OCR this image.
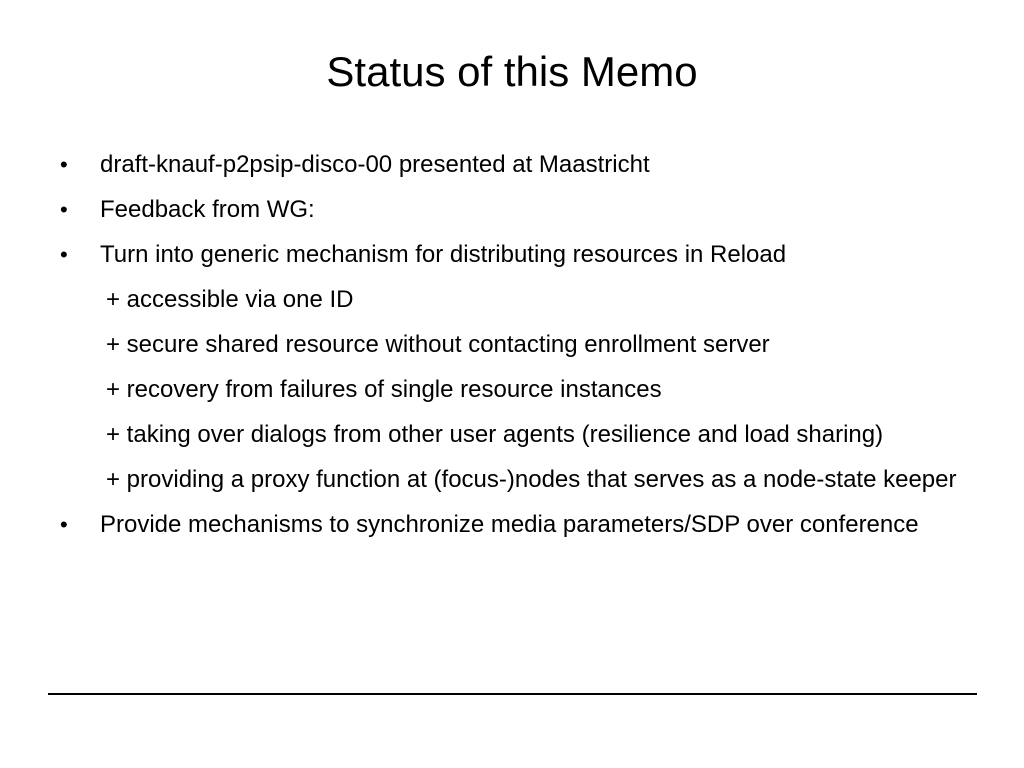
Status of this Memo
•	draft-knauf-p2psip-disco-00 presented at Maastricht
•	Feedback from WG:
•	Turn into generic mechanism for distributing resources in Reload
+ accessible via one ID
+ secure shared resource without contacting enrollment server
+ recovery from failures of single resource instances
+ taking over dialogs from other user agents (resilience and load sharing)
+ providing a proxy function at (focus-)nodes that serves as a node-state keeper
•	Provide mechanisms to synchronize media parameters/SDP over conference
